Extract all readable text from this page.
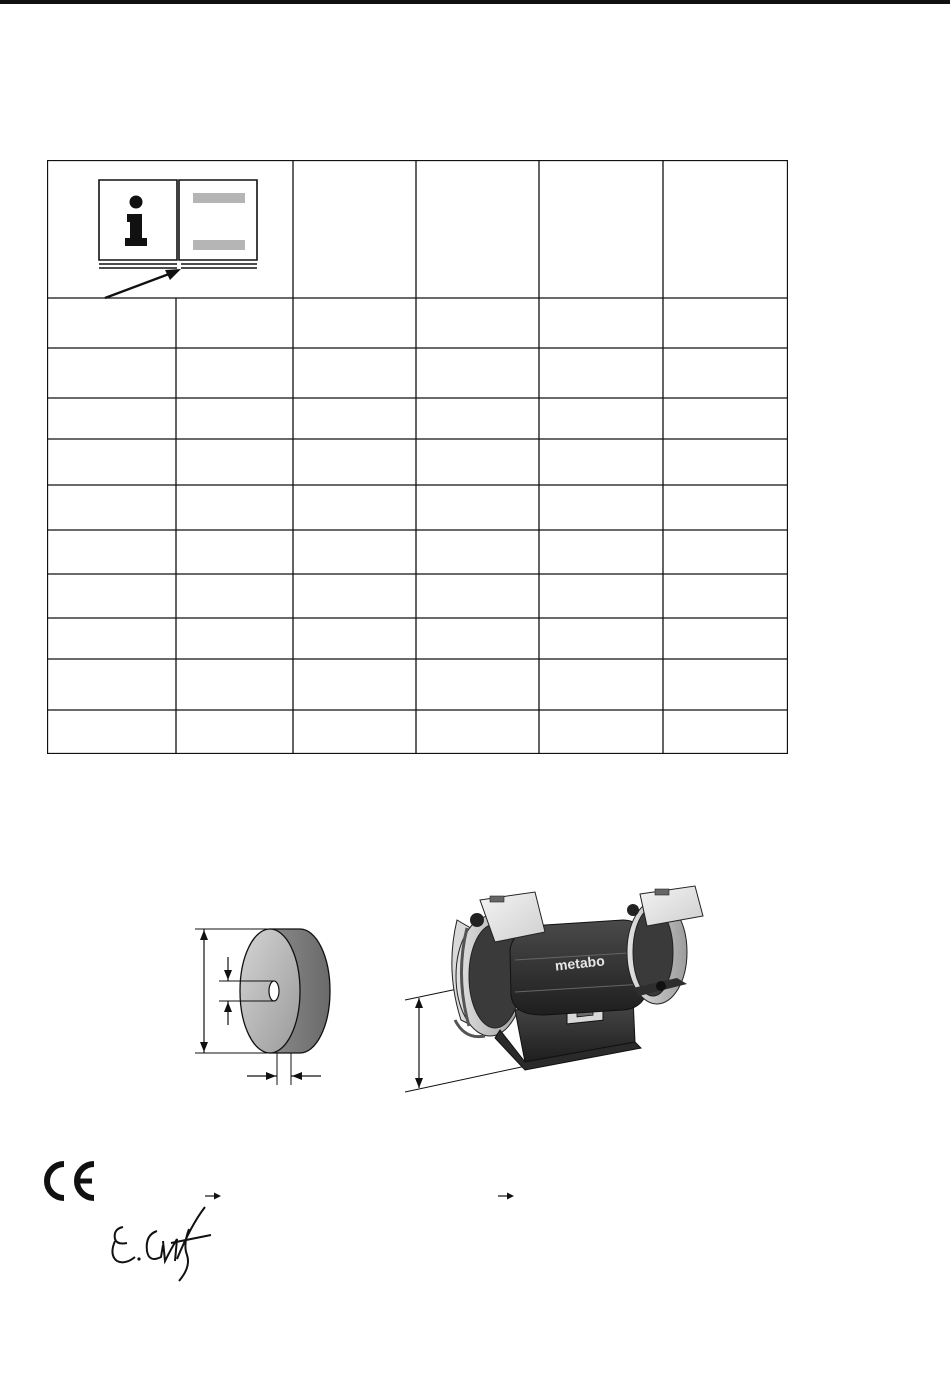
metabo
